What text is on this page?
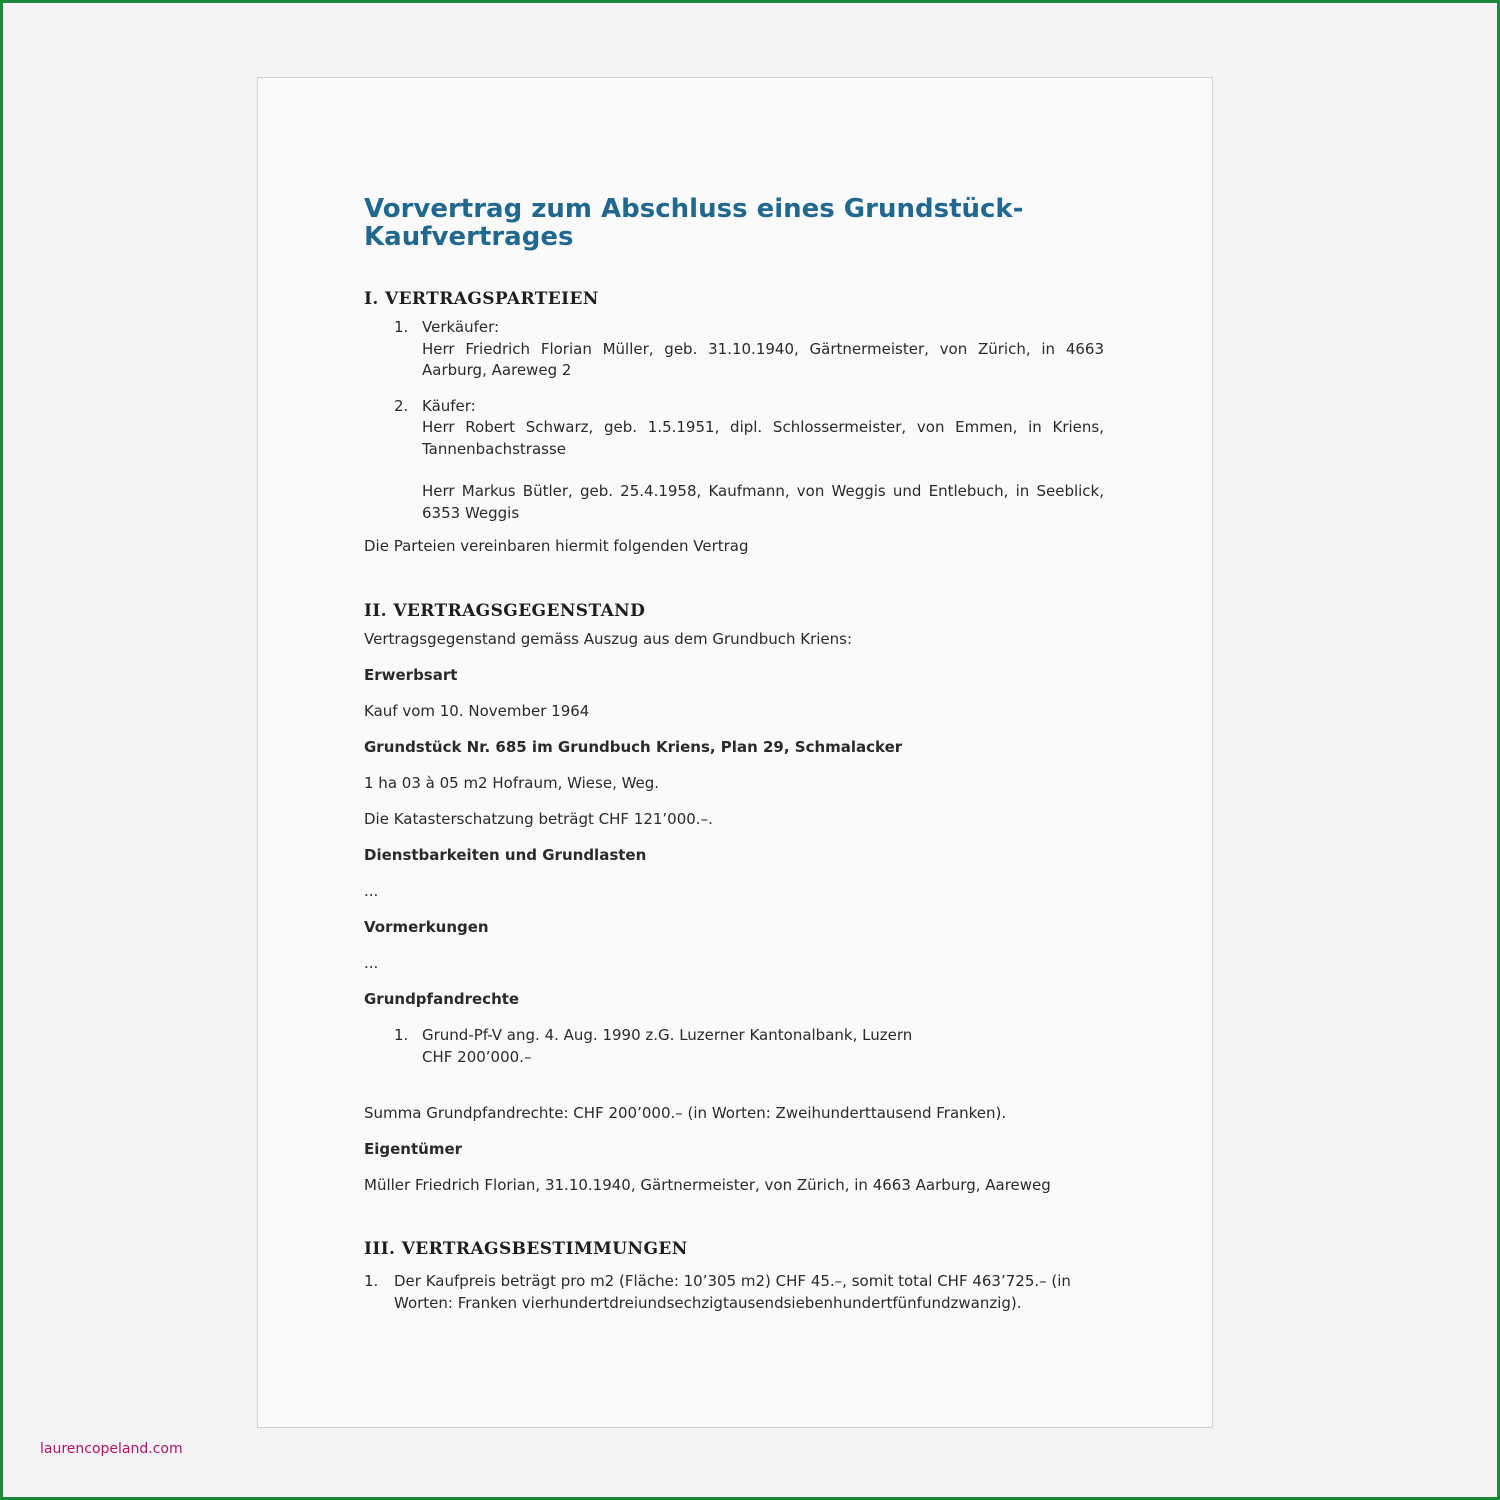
Vorvertrag zum Abschluss eines Grundstück-
Kaufvertrages
I. VERTRAGSPARTEIEN
1. Verkäufer:
Herr Friedrich Florian Müller, geb. 31.10.1940, Gärtnermeister, von Zürich, in 4663 Aarburg, Aareweg 2
2. Käufer:
Herr Robert Schwarz, geb. 1.5.1951, dipl. Schlossermeister, von Emmen, in Kriens, Tannenbachstrasse
Herr Markus Bütler, geb. 25.4.1958, Kaufmann, von Weggis und Entlebuch, in Seeblick, 6353 Weggis

Die Parteien vereinbaren hiermit folgenden Vertrag

II. VERTRAGSGEGENSTAND

Vertragsgegenstand gemäss Auszug aus dem Grundbuch Kriens:

Erwerbsart

Kauf vom 10. November 1964

Grundstück Nr. 685 im Grundbuch Kriens, Plan 29, Schmalacker

1 ha 03 à 05 m2 Hofraum, Wiese, Weg.

Die Katasterschatzung beträgt CHF 121’000.–.

Dienstbarkeiten und Grundlasten

...

Vormerkungen

...

Grundpfandrechte

1. Grund-Pf-V ang. 4. Aug. 1990 z.G. Luzerner Kantonalbank, Luzern
CHF 200’000.–

Summa Grundpfandrechte: CHF 200’000.– (in Worten: Zweihunderttausend Franken).

Eigentümer

Müller Friedrich Florian, 31.10.1940, Gärtnermeister, von Zürich, in 4663 Aarburg, Aareweg

III. VERTRAGSBESTIMMUNGEN
1. Der Kaufpreis beträgt pro m2 (Fläche: 10’305 m2) CHF 45.–, somit total CHF 463’725.– (in Worten: Franken vierhundertdreiundsechzigtausendsiebenhundertfünfundzwanzig).
laurencopeland.com
